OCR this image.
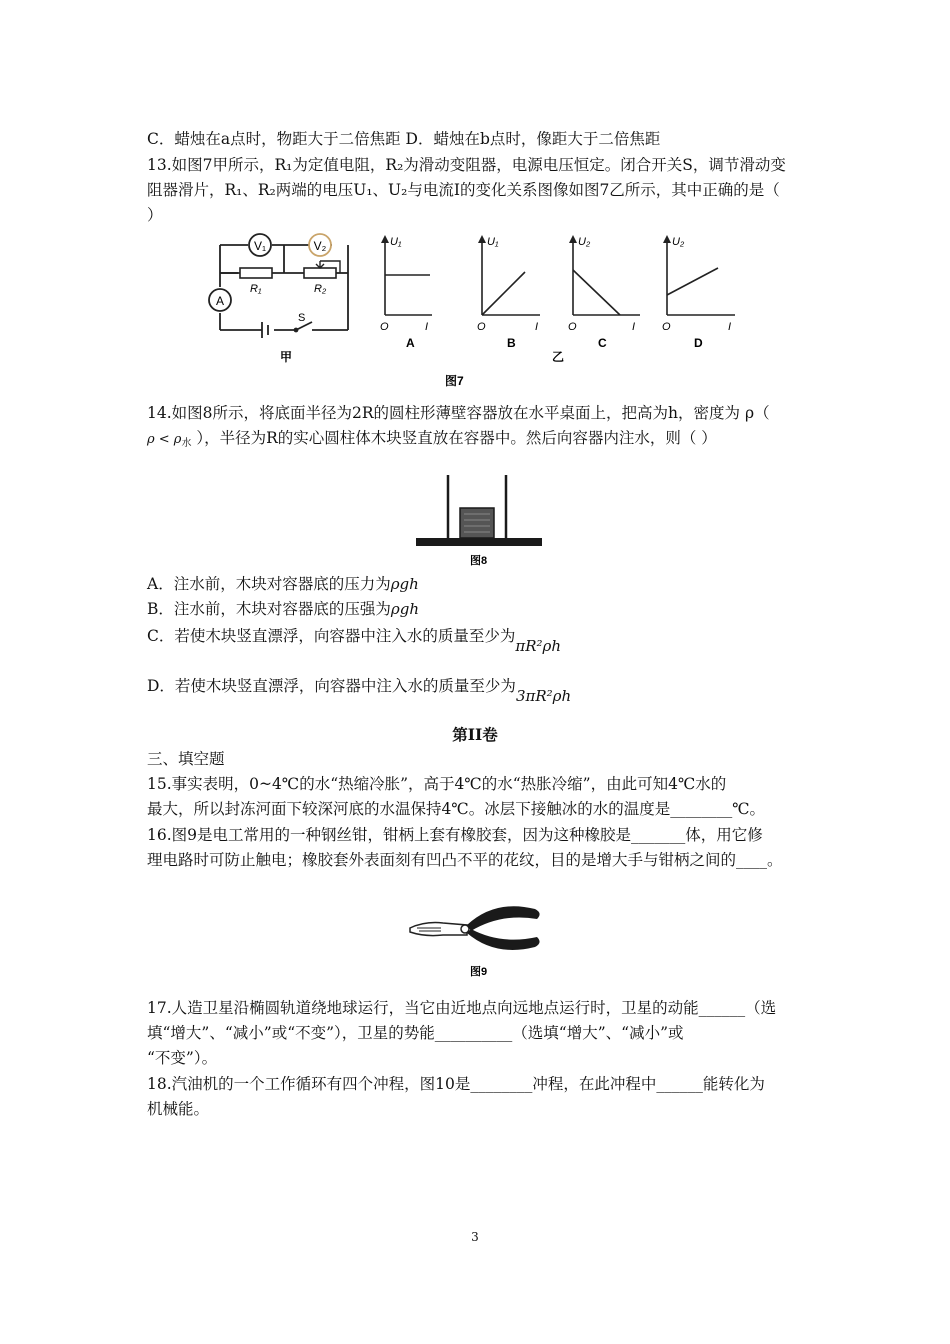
C．蜡烛在a点时，物距大于二倍焦距 D．蜡烛在b点时，像距大于二倍焦距
13.如图7甲所示，R₁为定值电阻，R₂为滑动变阻器，电源电压恒定。闭合开关S，调节滑动变
阻器滑片，R₁、R₂两端的电压U₁、U₂与电流I的变化关系图像如图7乙所示，其中正确的是（
）
V₁	V₂
A
R₁	R₂
S
甲
U₁
O	I
A
U₁
O	I
B
U₂
O	I
C
U₂
O	I
D
乙
图7
14.如图8所示，将底面半径为2R的圆柱形薄壁容器放在水平桌面上，把高为h，密度为 ρ（
$\rho < \rho_水$ ），半径为R的实心圆柱体木块竖直放在容器中。然后向容器内注水，则（ ）
图8
A．注水前，木块对容器底的压力为ρgh
B．注水前，木块对容器底的压强为ρgh
C．若使木块竖直漂浮，向容器中注入水的质量至少为πR²ρh
D．若使木块竖直漂浮，向容器中注入水的质量至少为3πR²ρh
第II卷
三、填空题
15.事实表明，0~4℃的水“热缩冷胀”，高于4℃的水“热胀冷缩”，由此可知4℃水的
最大，所以封冻河面下较深河底的水温保持4℃。冰层下接触冰的水的温度是________℃。
16.图9是电工常用的一种钢丝钳，钳柄上套有橡胶套，因为这种橡胶是_______体，用它修
理电路时可防止触电；橡胶套外表面刻有凹凸不平的花纹，目的是增大手与钳柄之间的____。
图9
17.人造卫星沿椭圆轨道绕地球运行，当它由近地点向远地点运行时，卫星的动能______（选
填“增大”、“减小”或“不变”），卫星的势能__________（选填“增大”、“减小”或
“不变”）。
18.汽油机的一个工作循环有四个冲程，图10是________冲程，在此冲程中______能转化为
机械能。
3
